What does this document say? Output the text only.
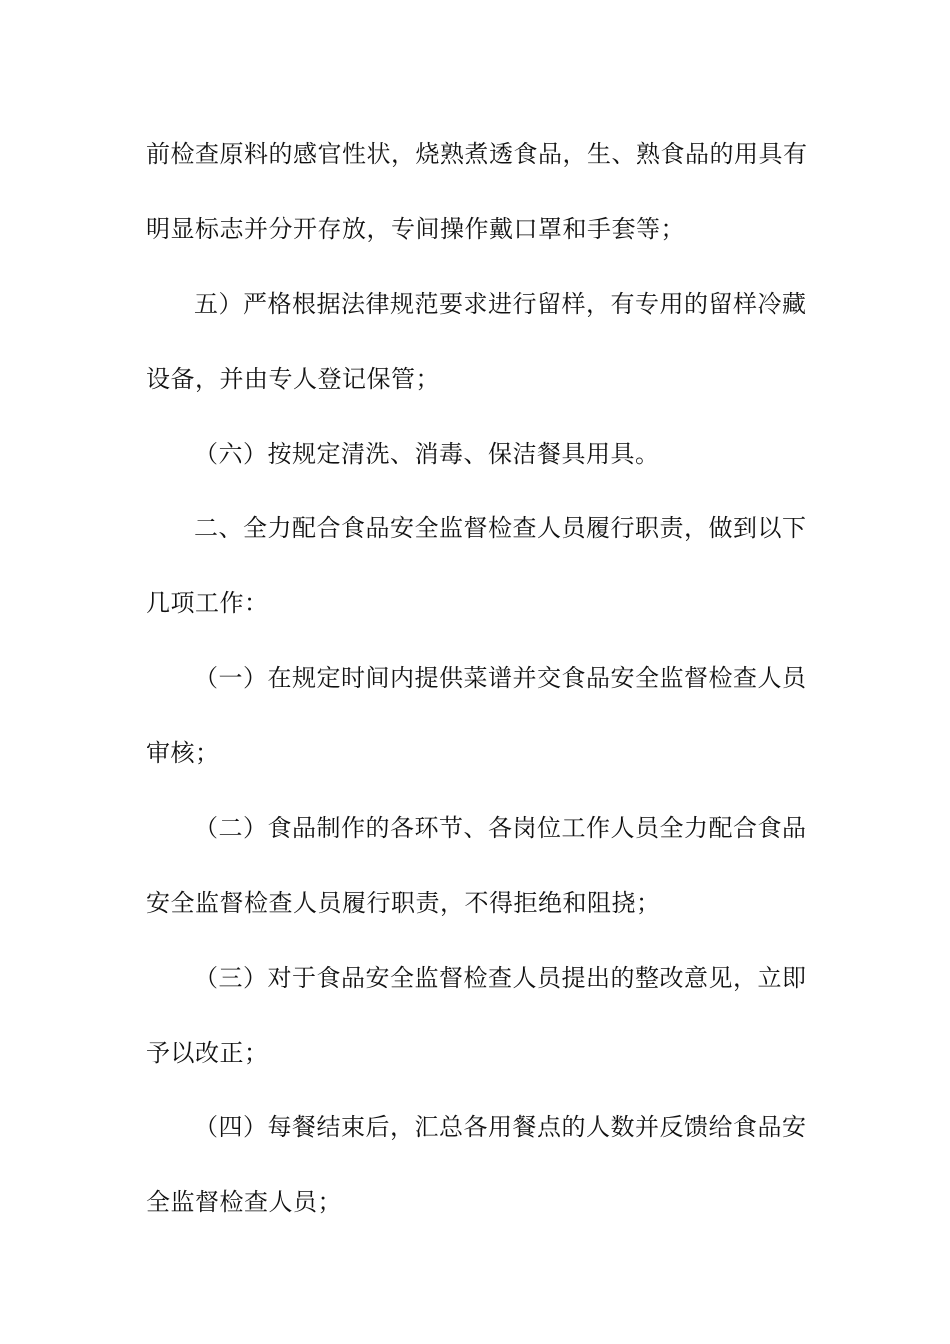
前检查原料的感官性状，烧熟煮透食品，生、熟食品的用具有
明显标志并分开存放，专间操作戴口罩和手套等；
五）严格根据法律规范要求进行留样，有专用的留样冷藏
设备，并由专人登记保管；
（六）按规定清洗、消毒、保洁餐具用具。
二、全力配合食品安全监督检查人员履行职责，做到以下
几项工作：
（一）在规定时间内提供菜谱并交食品安全监督检查人员
审核；
（二）食品制作的各环节、各岗位工作人员全力配合食品
安全监督检查人员履行职责，不得拒绝和阻挠；
（三）对于食品安全监督检查人员提出的整改意见，立即
予以改正；
（四）每餐结束后，汇总各用餐点的人数并反馈给食品安
全监督检查人员；
